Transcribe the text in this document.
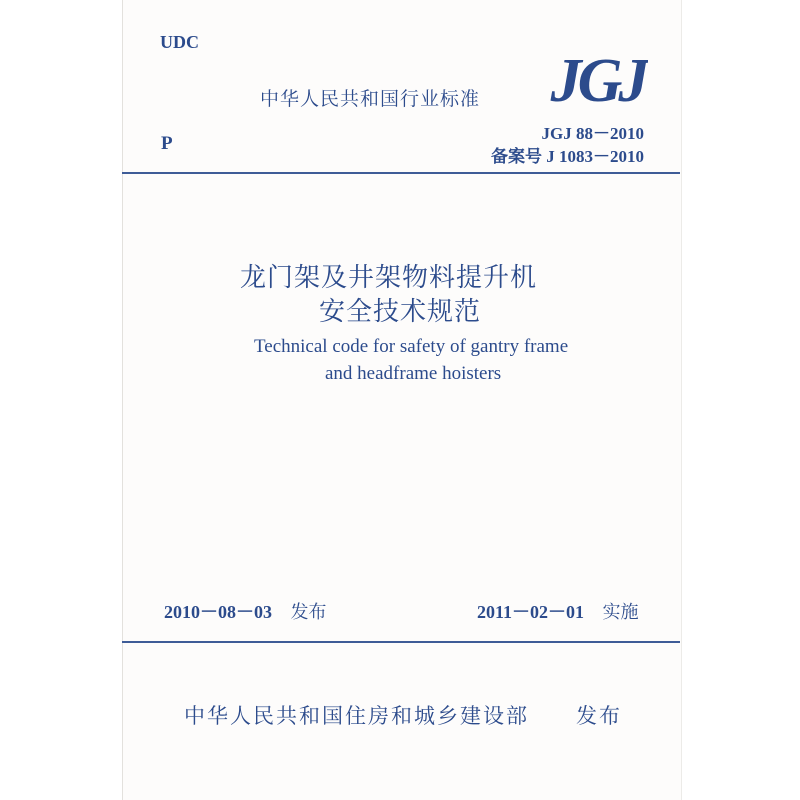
UDC
P
中华人民共和国行业标准 JGJ
JGJ 88－2010
备案号 J 1083－2010
龙门架及井架物料提升机
安全技术规范
Technical code for safety of gantry frame
and headframe hoisters
2010－08－03 发布	2011－02－01 实施
中华人民共和国住房和城乡建设部 发布
